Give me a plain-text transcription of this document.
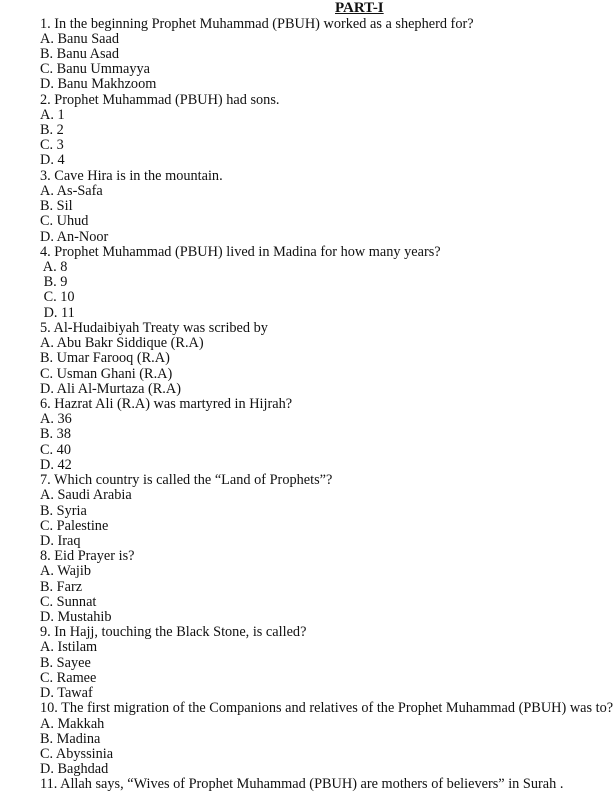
PART-I
1. In the beginning Prophet Muhammad (PBUH) worked as a shepherd for?
A. Banu Saad
B. Banu Asad
C. Banu Ummayya
D. Banu Makhzoom
2. Prophet Muhammad (PBUH) had sons.
A. 1
B. 2
C. 3
D. 4
3. Cave Hira is in the mountain.
A. As-Safa
B. Sil
C. Uhud
D. An-Noor
4. Prophet Muhammad (PBUH) lived in Madina for how many years?
A. 8
B. 9
C. 10
D. 11
5. Al-Hudaibiyah Treaty was scribed by
A. Abu Bakr Siddique (R.A)
B. Umar Farooq (R.A)
C. Usman Ghani (R.A)
D. Ali Al-Murtaza (R.A)
6. Hazrat Ali (R.A) was martyred in Hijrah?
A. 36
B. 38
C. 40
D. 42
7. Which country is called the “Land of Prophets”?
A. Saudi Arabia
B. Syria
C. Palestine
D. Iraq
8. Eid Prayer is?
A. Wajib
B. Farz
C. Sunnat
D. Mustahib
9. In Hajj, touching the Black Stone, is called?
A. Istilam
B. Sayee
C. Ramee
D. Tawaf
10. The first migration of the Companions and relatives of the Prophet Muhammad (PBUH) was to?
A. Makkah
B. Madina
C. Abyssinia
D. Baghdad
11. Allah says, “Wives of Prophet Muhammad (PBUH) are mothers of believers” in Surah .
